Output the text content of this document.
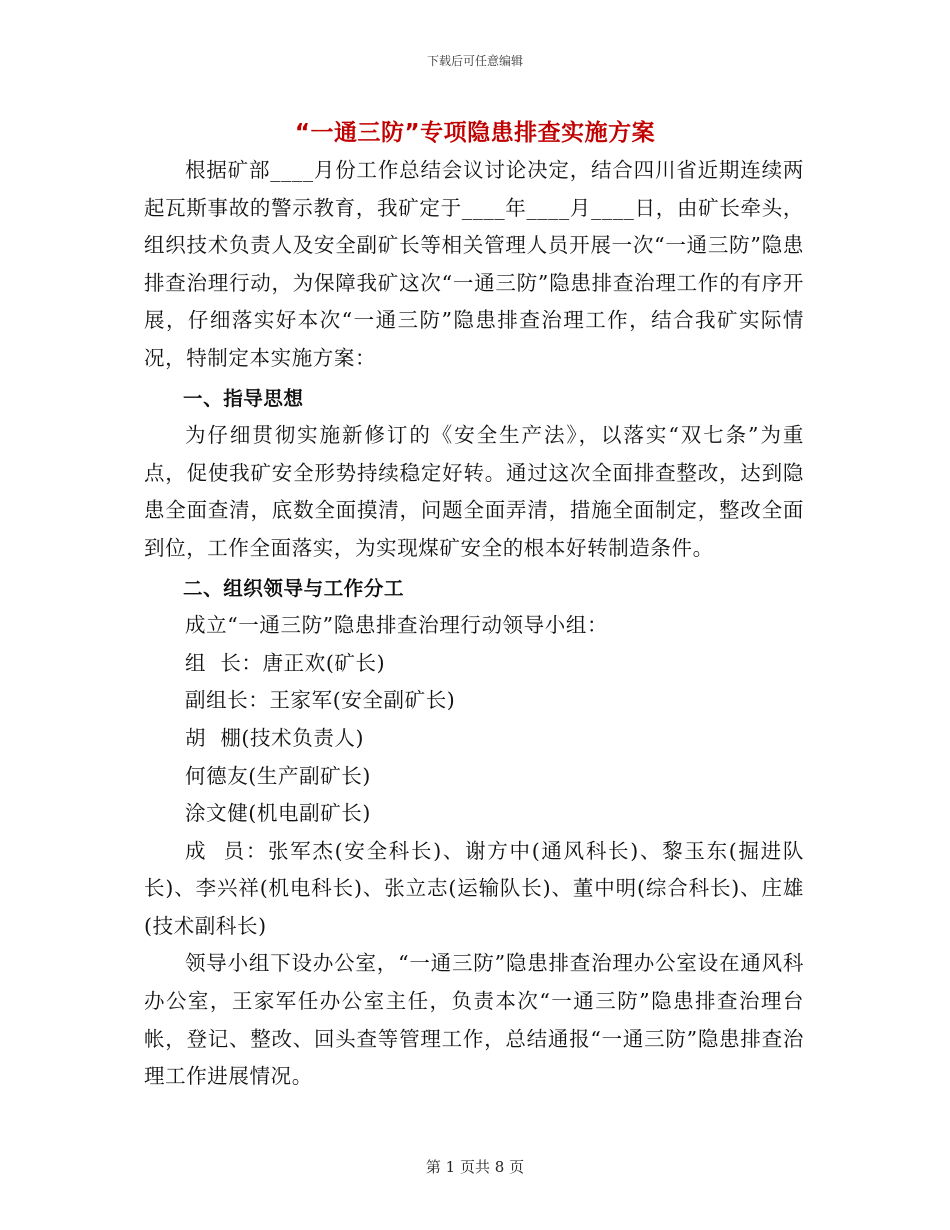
下载后可任意编辑
“一通三防”专项隐患排查实施方案

根据矿部____月份工作总结会议讨论决定，结合四川省近期连续两起瓦斯事故的警示教育，我矿定于____年____月____日，由矿长牵头，组织技术负责人及安全副矿长等相关管理人员开展一次“一通三防”隐患排查治理行动，为保障我矿这次“一通三防”隐患排查治理工作的有序开展，仔细落实好本次“一通三防”隐患排查治理工作，结合我矿实际情况，特制定本实施方案：

一、指导思想

为仔细贯彻实施新修订的《安全生产法》，以落实“双七条”为重点，促使我矿安全形势持续稳定好转。通过这次全面排查整改，达到隐患全面查清，底数全面摸清，问题全面弄清，措施全面制定，整改全面到位，工作全面落实，为实现煤矿安全的根本好转制造条件。

二、组织领导与工作分工

成立“一通三防”隐患排查治理行动领导小组：

组  长：唐正欢(矿长)

副组长：王家军(安全副矿长)

胡  棚(技术负责人)

何德友(生产副矿长)

涂文健(机电副矿长)

成  员：张军杰(安全科长)、谢方中(通风科长)、黎玉东(掘进队长)、李兴祥(机电科长)、张立志(运输队长)、董中明(综合科长)、庄雄(技术副科长)

领导小组下设办公室，“一通三防”隐患排查治理办公室设在通风科办公室，王家军任办公室主任，负责本次“一通三防”隐患排查治理台帐，登记、整改、回头查等管理工作，总结通报“一通三防”隐患排查治理工作进展情况。

第 1 页共 8 页
